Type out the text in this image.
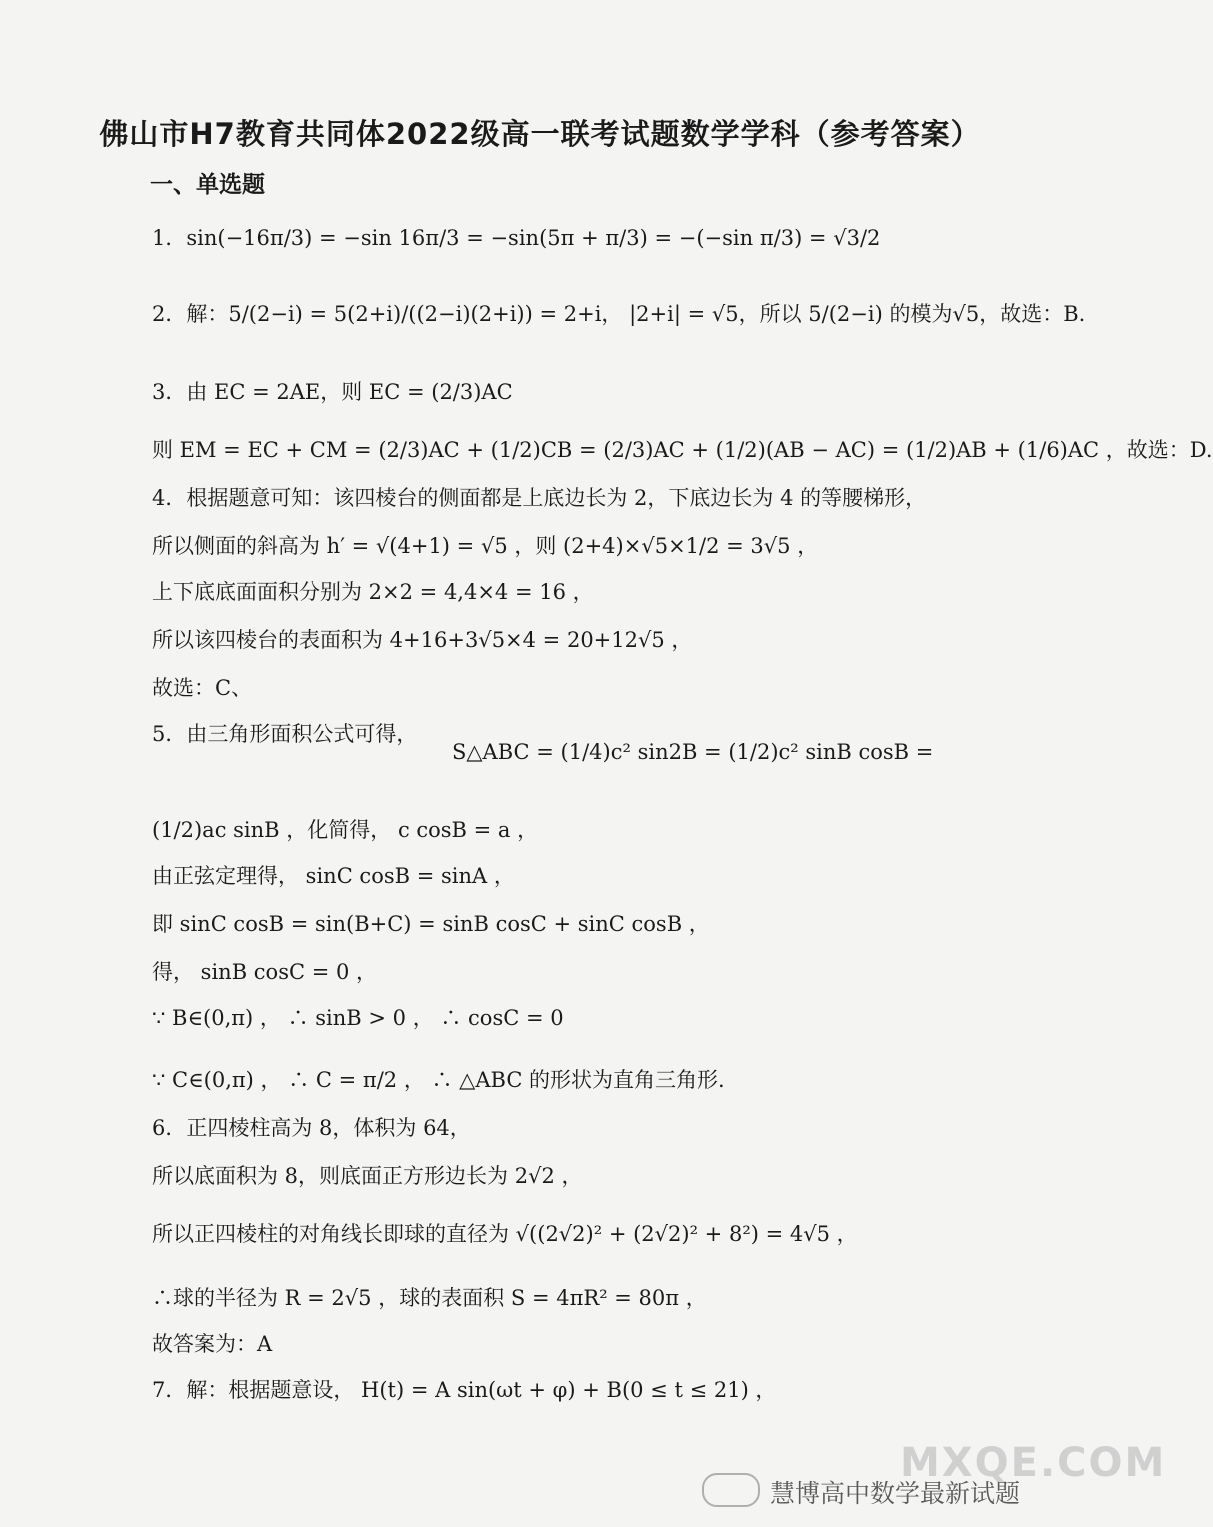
佛山市H7教育共同体2022级高一联考试题数学学科（参考答案）
一、单选题
1．sin(−16π/3) = −sin 16π/3 = −sin(5π + π/3) = −(−sin π/3) = √3/2
2．解：5/(2−i) = 5(2+i)/((2−i)(2+i)) = 2+i， |2+i| = √5，所以 5/(2−i) 的模为√5，故选：B.
3．由 EC = 2AE，则 EC = (2/3)AC
则 EM = EC + CM = (2/3)AC + (1/2)CB = (2/3)AC + (1/2)(AB − AC) = (1/2)AB + (1/6)AC ，故选：D.
4．根据题意可知：该四棱台的侧面都是上底边长为 2，下底边长为 4 的等腰梯形，
所以侧面的斜高为 h′ = √(4+1) = √5 ，则 (2+4)×√5×1/2 = 3√5 ，
上下底底面面积分别为 2×2 = 4,4×4 = 16 ，
所以该四棱台的表面积为 4+16+3√5×4 = 20+12√5 ，
故选：C、
5．由三角形面积公式可得，
S△ABC = (1/4)c² sin2B = (1/2)c² sinB cosB =
(1/2)ac sinB ，化简得， c cosB = a ，
由正弦定理得， sinC cosB = sinA ，
即 sinC cosB = sin(B+C) = sinB cosC + sinC cosB ，
得， sinB cosC = 0 ，
∵ B∈(0,π) ， ∴ sinB > 0 ， ∴ cosC = 0
∵ C∈(0,π) ， ∴ C = π/2 ， ∴ △ABC 的形状为直角三角形.
6．正四棱柱高为 8，体积为 64，
所以底面积为 8，则底面正方形边长为 2√2 ，
所以正四棱柱的对角线长即球的直径为 √((2√2)² + (2√2)² + 8²) = 4√5 ，
∴球的半径为 R = 2√5 ，球的表面积 S = 4πR² = 80π ，
故答案为：A
7．解：根据题意设， H(t) = A sin(ωt + φ) + B(0 ≤ t ≤ 21) ，
MXQE.COM
慧博高中数学最新试题
